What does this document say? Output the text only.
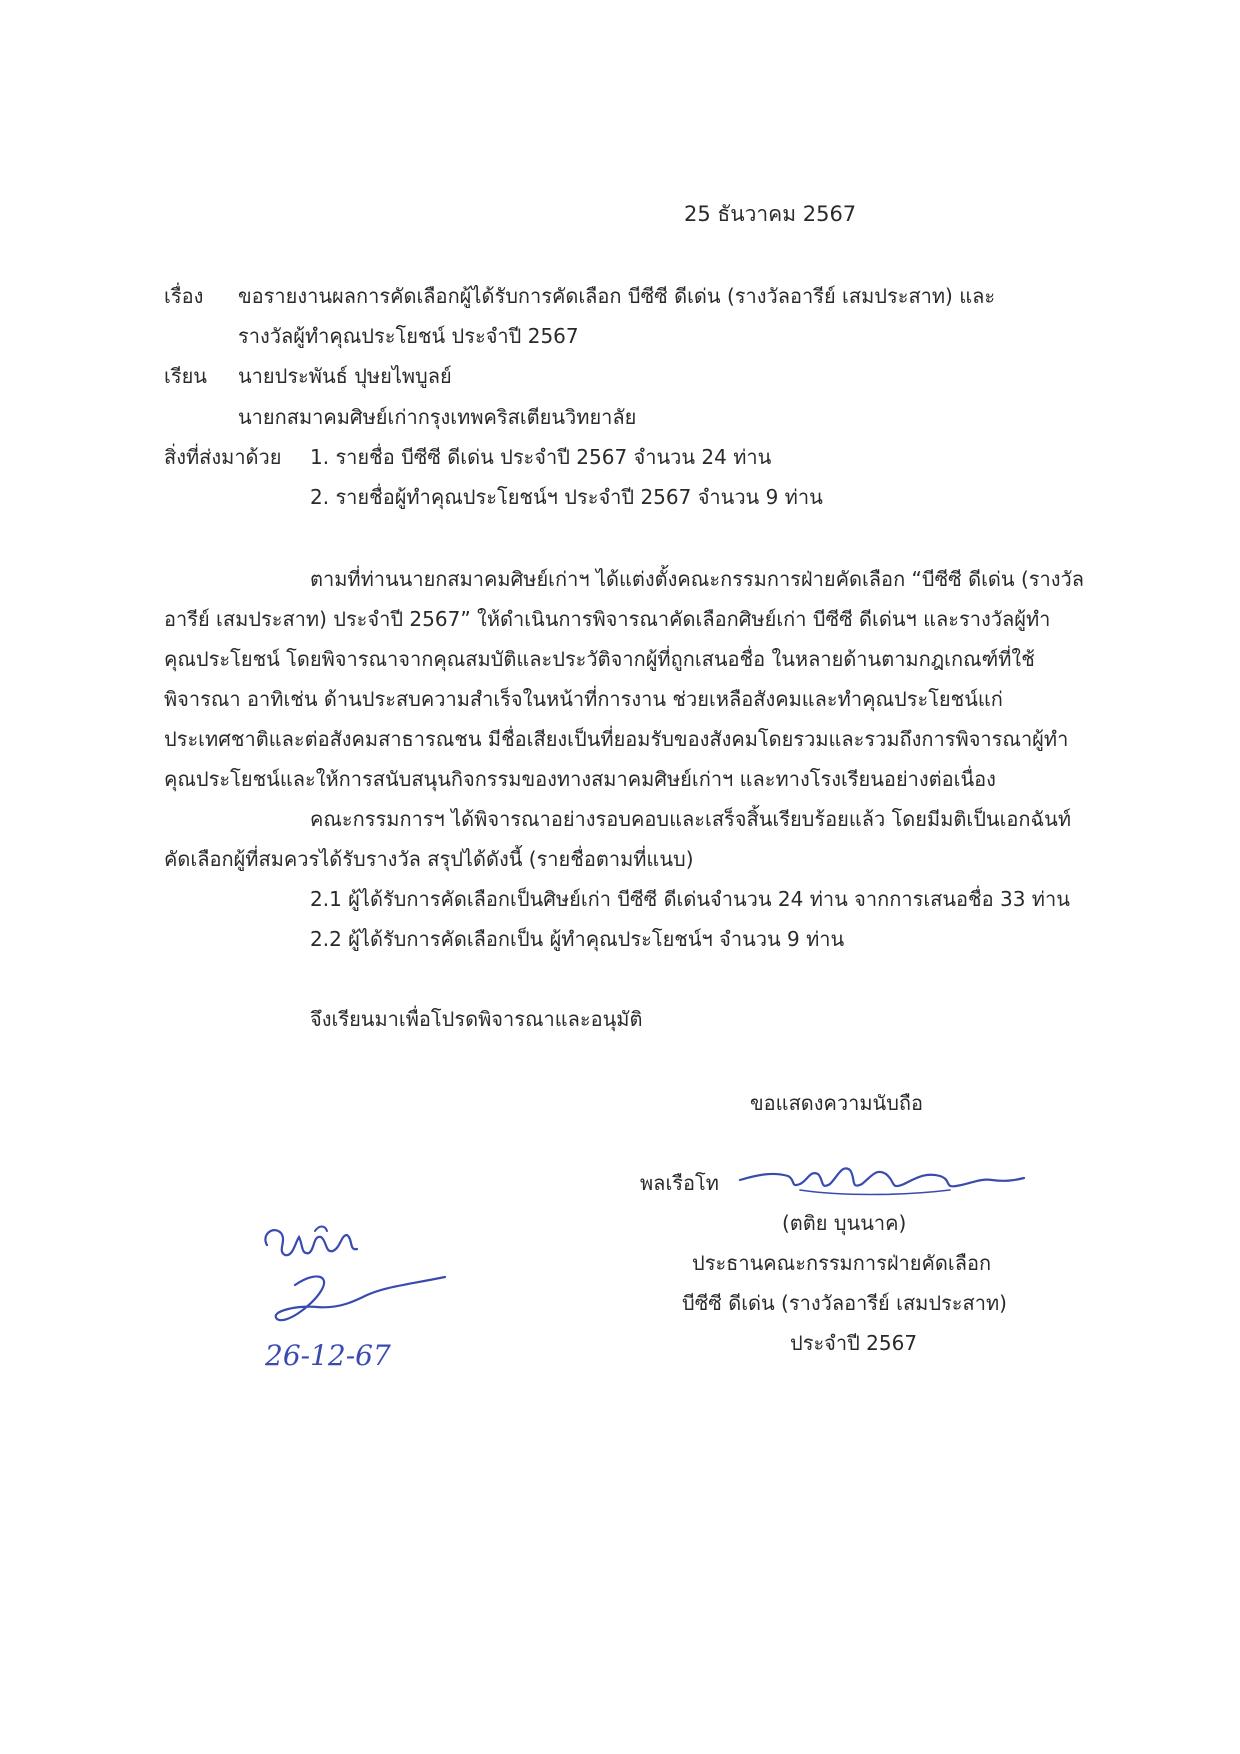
25 ธันวาคม 2567
เรื่อง ขอรายงานผลการคัดเลือกผู้ได้รับการคัดเลือก บีซีซี ดีเด่น (รางวัลอารีย์ เสมประสาท) และ
รางวัลผู้ทำคุณประโยชน์ ประจำปี 2567
เรียน นายประพันธ์ ปุษยไพบูลย์
นายกสมาคมศิษย์เก่ากรุงเทพคริสเตียนวิทยาลัย
สิ่งที่ส่งมาด้วย 1. รายชื่อ บีซีซี ดีเด่น ประจำปี 2567 จำนวน 24 ท่าน
2. รายชื่อผู้ทำคุณประโยชน์ฯ ประจำปี 2567 จำนวน 9 ท่าน
ตามที่ท่านนายกสมาคมศิษย์เก่าฯ ได้แต่งตั้งคณะกรรมการฝ่ายคัดเลือก “บีซีซี ดีเด่น (รางวัล
อารีย์ เสมประสาท) ประจำปี 2567” ให้ดำเนินการพิจารณาคัดเลือกศิษย์เก่า บีซีซี ดีเด่นฯ และรางวัลผู้ทำ
คุณประโยชน์ โดยพิจารณาจากคุณสมบัติและประวัติจากผู้ที่ถูกเสนอชื่อ ในหลายด้านตามกฎเกณฑ์ที่ใช้
พิจารณา อาทิเช่น ด้านประสบความสำเร็จในหน้าที่การงาน ช่วยเหลือสังคมและทำคุณประโยชน์แก่
ประเทศชาติและต่อสังคมสาธารณชน มีชื่อเสียงเป็นที่ยอมรับของสังคมโดยรวมและรวมถึงการพิจารณาผู้ทำ
คุณประโยชน์และให้การสนับสนุนกิจกรรมของทางสมาคมศิษย์เก่าฯ และทางโรงเรียนอย่างต่อเนื่อง
คณะกรรมการฯ ได้พิจารณาอย่างรอบคอบและเสร็จสิ้นเรียบร้อยแล้ว โดยมีมติเป็นเอกฉันท์
คัดเลือกผู้ที่สมควรได้รับรางวัล สรุปได้ดังนี้ (รายชื่อตามที่แนบ)
2.1 ผู้ได้รับการคัดเลือกเป็นศิษย์เก่า บีซีซี ดีเด่นจำนวน 24 ท่าน จากการเสนอชื่อ 33 ท่าน
2.2 ผู้ได้รับการคัดเลือกเป็น ผู้ทำคุณประโยชน์ฯ จำนวน 9 ท่าน
จึงเรียนมาเพื่อโปรดพิจารณาและอนุมัติ
ขอแสดงความนับถือ
พลเรือโท
(ตติย บุนนาค)
ประธานคณะกรรมการฝ่ายคัดเลือก
บีซีซี ดีเด่น (รางวัลอารีย์ เสมประสาท)
ประจำปี 2567
26-12-67
